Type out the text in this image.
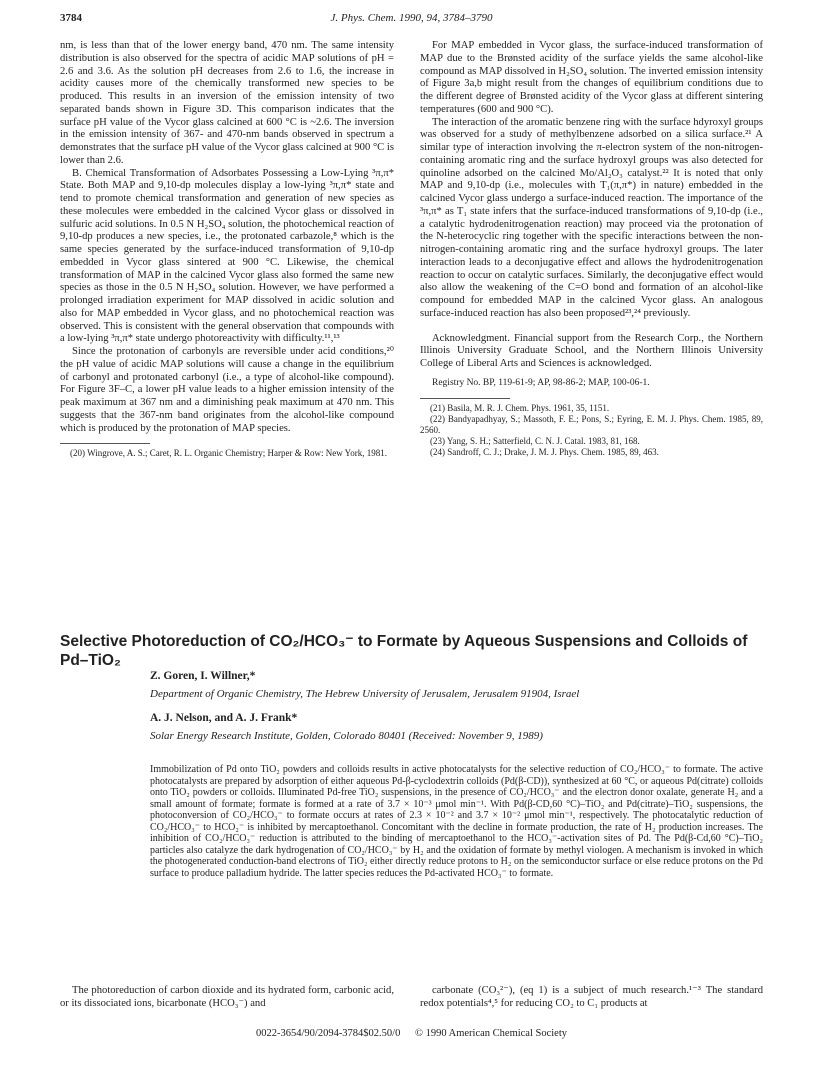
3784	J. Phys. Chem. 1990, 94, 3784–3790

nm, is less than that of the lower energy band, 470 nm. The same intensity distribution is also observed for the spectra of acidic MAP solutions of pH = 2.6 and 3.6. As the solution pH decreases from 2.6 to 1.6, the increase in acidity causes more of the chemically transformed new species to be produced. This results in an inversion of the emission intensity of two separated bands shown in Figure 3D. This comparison indicates that the surface pH value of the Vycor glass calcined at 600 °C is ~2.6. The inversion in the emission intensity of 367- and 470-nm bands observed in spectrum a demonstrates that the surface pH value of the Vycor glass calcined at 900 °C is lower than 2.6.

B. Chemical Transformation of Adsorbates Possessing a Low-Lying ³π,π* State. Both MAP and 9,10-dp molecules display a low-lying ³π,π* state and tend to promote chemical transformation and generation of new species as these molecules were embedded in the calcined Vycor glass or dissolved in sulfuric acid solutions. In 0.5 N H₂SO₄ solution, the photochemical reaction of 9,10-dp produces a new species, i.e., the protonated carbazole,⁸ which is the same species generated by the surface-induced transformation of 9,10-dp embedded in Vycor glass sintered at 900 °C. Likewise, the chemical transformation of MAP in the calcined Vycor glass also formed the same new species as those in the 0.5 N H₂SO₄ solution. However, we have performed a prolonged irradiation experiment for MAP dissolved in acidic solution and also for MAP embedded in Vycor glass, and no photochemical reaction was observed. This is consistent with the general observation that compounds with a low-lying ³π,π* state undergo photoreactivity with difficulty.¹¹,¹³

Since the protonation of carbonyls are reversible under acid conditions,²⁰ the pH value of acidic MAP solutions will cause a change in the equilibrium of carbonyl and protonated carbonyl (i.e., a type of alcohol-like compound). For Figure 3F–C, a lower pH value leads to a higher emission intensity of the peak maximum at 367 nm and a diminishing peak maximum at 470 nm. This suggests that the 367-nm band originates from the alcohol-like compound which is produced by the protonation of MAP species.

(20) Wingrove, A. S.; Caret, R. L. Organic Chemistry; Harper & Row: New York, 1981.

For MAP embedded in Vycor glass, the surface-induced transformation of MAP due to the Brønsted acidity of the surface yields the same alcohol-like compound as MAP dissolved in H₂SO₄ solution. The inverted emission intensity of Figure 3a,b might result from the changes of equilibrium conditions due to the different degree of Brønsted acidity of the Vycor glass at different sintering temperatures (600 and 900 °C).

The interaction of the aromatic benzene ring with the surface hdyroxyl groups was observed for a study of methylbenzene adsorbed on a silica surface.²¹ A similar type of interaction involving the π-electron system of the non-nitrogen-containing aromatic ring and the surface hydroxyl groups was also detected for quinoline adsorbed on the calcined Mo/Al₂O₃ catalyst.²² It is noted that only MAP and 9,10-dp (i.e., molecules with T₁(π,π*) in nature) embedded in the calcined Vycor glass undergo a surface-induced reaction. The importance of the ³π,π* as T₁ state infers that the surface-induced transformations of 9,10-dp (i.e., a catalytic hydrodenitrogenation reaction) may proceed via the protonation of the N-heterocyclic ring together with the specific interactions between the non-nitrogen-containing aromatic ring and the surface hydroxyl groups. The later interaction leads to a deconjugative effect and allows the hydrodenitrogenation reaction to occur on catalytic surfaces. Similarly, the deconjugative effect would also allow the weakening of the C=O bond and formation of an alcohol-like compound for embedded MAP in the calcined Vycor glass. An analogous surface-induced reaction has also been proposed²³,²⁴ previously.

Acknowledgment. Financial support from the Research Corp., the Northern Illinois University Graduate School, and the Northern Illinois University College of Liberal Arts and Sciences is acknowledged.

Registry No. BP, 119-61-9; AP, 98-86-2; MAP, 100-06-1.

(21) Basila, M. R. J. Chem. Phys. 1961, 35, 1151.

(22) Bandyapadhyay, S.; Massoth, F. E.; Pons, S.; Eyring, E. M. J. Phys. Chem. 1985, 89, 2560.

(23) Yang, S. H.; Satterfield, C. N. J. Catal. 1983, 81, 168.

(24) Sandroff, C. J.; Drake, J. M. J. Phys. Chem. 1985, 89, 463.

Selective Photoreduction of CO₂/HCO₃⁻ to Formate by Aqueous Suspensions and Colloids of Pd–TiO₂
Z. Goren, I. Willner,*
Department of Organic Chemistry, The Hebrew University of Jerusalem, Jerusalem 91904, Israel
A. J. Nelson, and A. J. Frank*
Solar Energy Research Institute, Golden, Colorado 80401 (Received: November 9, 1989)

Immobilization of Pd onto TiO₂ powders and colloids results in active photocatalysts for the selective reduction of CO₂/HCO₃⁻ to formate. The active photocatalysts are prepared by adsorption of either aqueous Pd-β-cyclodextrin colloids (Pd(β-CD)), synthesized at 60 °C, or aqueous Pd(citrate) colloids onto TiO₂ powders or colloids. Illuminated Pd-free TiO₂ suspensions, in the presence of CO₂/HCO₃⁻ and the electron donor oxalate, generate H₂ and a small amount of formate; formate is formed at a rate of 3.7 × 10⁻³ μmol min⁻¹. With Pd(β-CD,60 °C)–TiO₂ and Pd(citrate)–TiO₂ suspensions, the photoconversion of CO₂/HCO₃⁻ to formate occurs at rates of 2.3 × 10⁻² and 3.7 × 10⁻² μmol min⁻¹, respectively. The photocatalytic reduction of CO₂/HCO₃⁻ to HCO₂⁻ is inhibited by mercaptoethanol. Concomitant with the decline in formate production, the rate of H₂ production increases. The inhibition of CO₂/HCO₃⁻ reduction is attributed to the binding of mercaptoethanol to the HCO₃⁻-activation sites of Pd. The Pd(β-Cd,60 °C)–TiO₂ particles also catalyze the dark hydrogenation of CO₂/HCO₃⁻ by H₂ and the oxidation of formate by methyl viologen. A mechanism is invoked in which the photogenerated conduction-band electrons of TiO₂ either directly reduce protons to H₂ on the semiconductor surface or else reduce protons on the Pd surface to produce palladium hydride. The latter species reduces the Pd-activated HCO₃⁻ to formate.

The photoreduction of carbon dioxide and its hydrated form, carbonic acid, or its dissociated ions, bicarbonate (HCO₃⁻) and

carbonate (CO₃²⁻), (eq 1) is a subject of much research.¹⁻³ The standard redox potentials⁴,⁵ for reducing CO₂ to C₁ products at

0022-3654/90/2094-3784$02.50/0 © 1990 American Chemical Society
